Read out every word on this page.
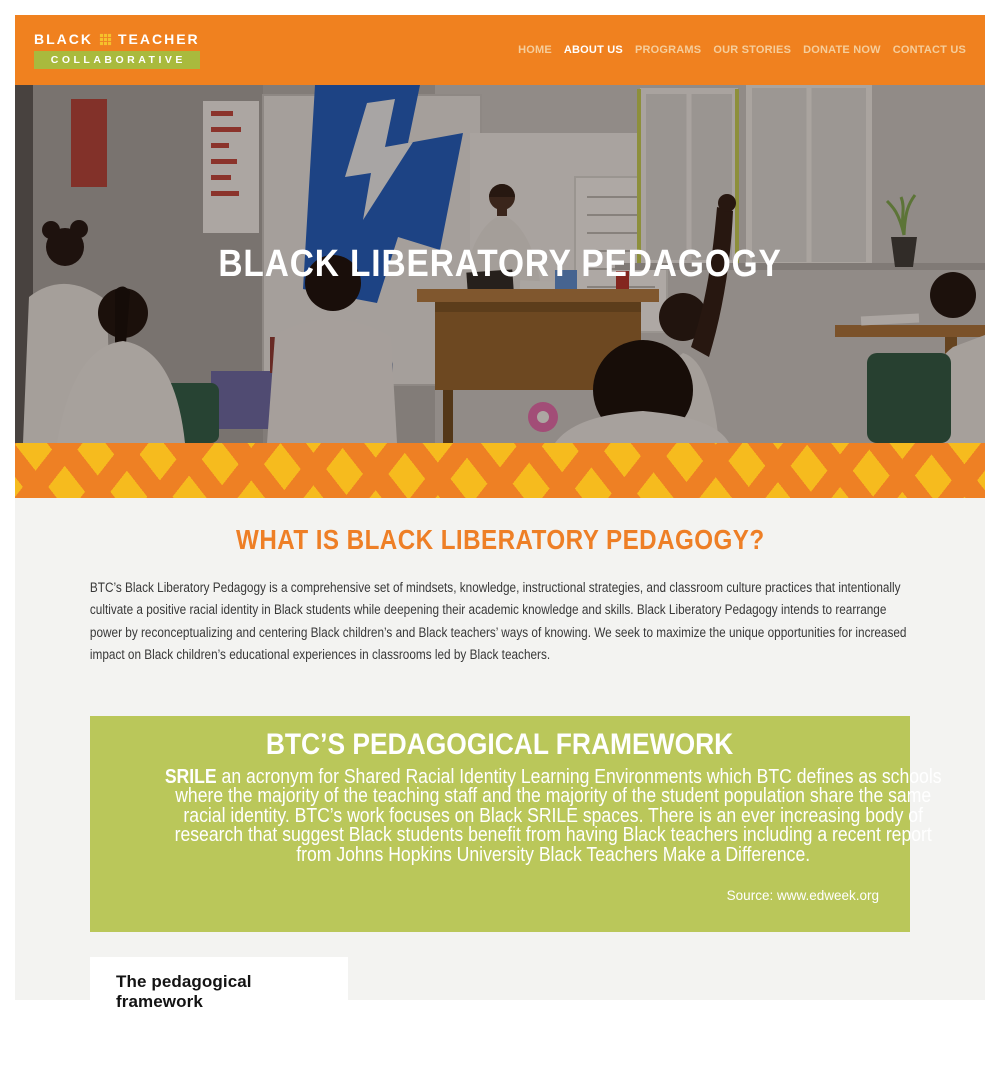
BLACK TEACHER
COLLABORATIVE
HOME ABOUT US PROGRAMS OUR STORIES DONATE NOW CONTACT US
BLACK LIBERATORY PEDAGOGY
WHAT IS BLACK LIBERATORY PEDAGOGY?

BTC’s Black Liberatory Pedagogy is a comprehensive set of mindsets, knowledge, instructional strategies, and classroom culture practices that intentionally cultivate a positive racial identity in Black students while deepening their academic knowledge and skills. Black Liberatory Pedagogy intends to rearrange power by reconceptualizing and centering Black children’s and Black teachers’ ways of knowing. We seek to maximize the unique opportunities for increased impact on Black children’s educational experiences in classrooms led by Black teachers.

BTC’S PEDAGOGICAL FRAMEWORK

SRILE an acronym for Shared Racial Identity Learning Environments which BTC defines as schools where the majority of the teaching staff and the majority of the student population share the same racial identity. BTC’s work focuses on Black SRILE spaces. There is an ever increasing body of research that suggest Black students benefit from having Black teachers including a recent report from Johns Hopkins University Black Teachers Make a Difference.

Source: www.edweek.org
The pedagogical framework
